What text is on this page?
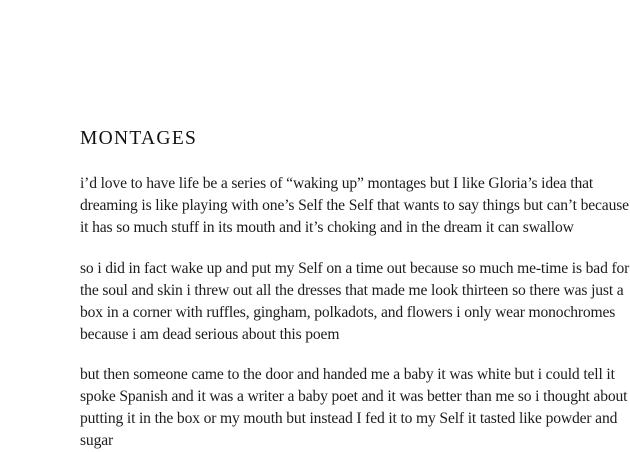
MONTAGES

i’d love to have life be a series of “waking up” montages but I like Gloria’s idea that dreaming is like playing with one’s Self the Self that wants to say things but can’t because it has so much stuff in its mouth and it’s choking and in the dream it can swallow

so i did in fact wake up and put my Self on a time out because so much me-time is bad for the soul and skin i threw out all the dresses that made me look thirteen so there was just a box in a corner with ruffles, gingham, polkadots, and flowers i only wear monochromes because i am dead serious about this poem

but then someone came to the door and handed me a baby it was white but i could tell it spoke Spanish and it was a writer a baby poet and it was better than me so i thought about putting it in the box or my mouth but instead I fed it to my Self it tasted like powder and sugar
